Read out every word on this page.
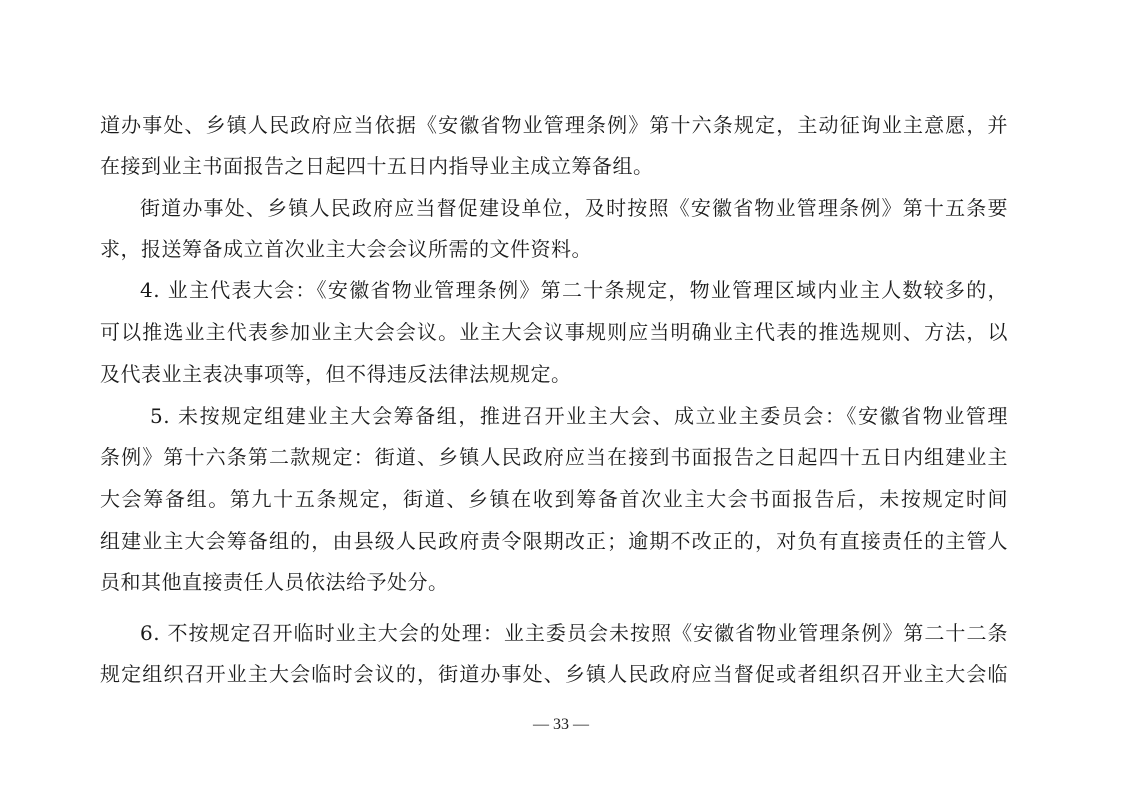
道办事处、乡镇人民政府应当依据《安徽省物业管理条例》第十六条规定，主动征询业主意愿，并
在接到业主书面报告之日起四十五日内指导业主成立筹备组。
街道办事处、乡镇人民政府应当督促建设单位，及时按照《安徽省物业管理条例》第十五条要
求，报送筹备成立首次业主大会会议所需的文件资料。
4. 业主代表大会：《安徽省物业管理条例》第二十条规定，物业管理区域内业主人数较多的，
可以推选业主代表参加业主大会会议。业主大会议事规则应当明确业主代表的推选规则、方法，以
及代表业主表决事项等，但不得违反法律法规规定。
5. 未按规定组建业主大会筹备组，推进召开业主大会、成立业主委员会：《安徽省物业管理
条例》第十六条第二款规定：街道、乡镇人民政府应当在接到书面报告之日起四十五日内组建业主
大会筹备组。第九十五条规定，街道、乡镇在收到筹备首次业主大会书面报告后，未按规定时间
组建业主大会筹备组的，由县级人民政府责令限期改正；逾期不改正的，对负有直接责任的主管人
员和其他直接责任人员依法给予处分。
6. 不按规定召开临时业主大会的处理：业主委员会未按照《安徽省物业管理条例》第二十二条
规定组织召开业主大会临时会议的，街道办事处、乡镇人民政府应当督促或者组织召开业主大会临
— 33 —
